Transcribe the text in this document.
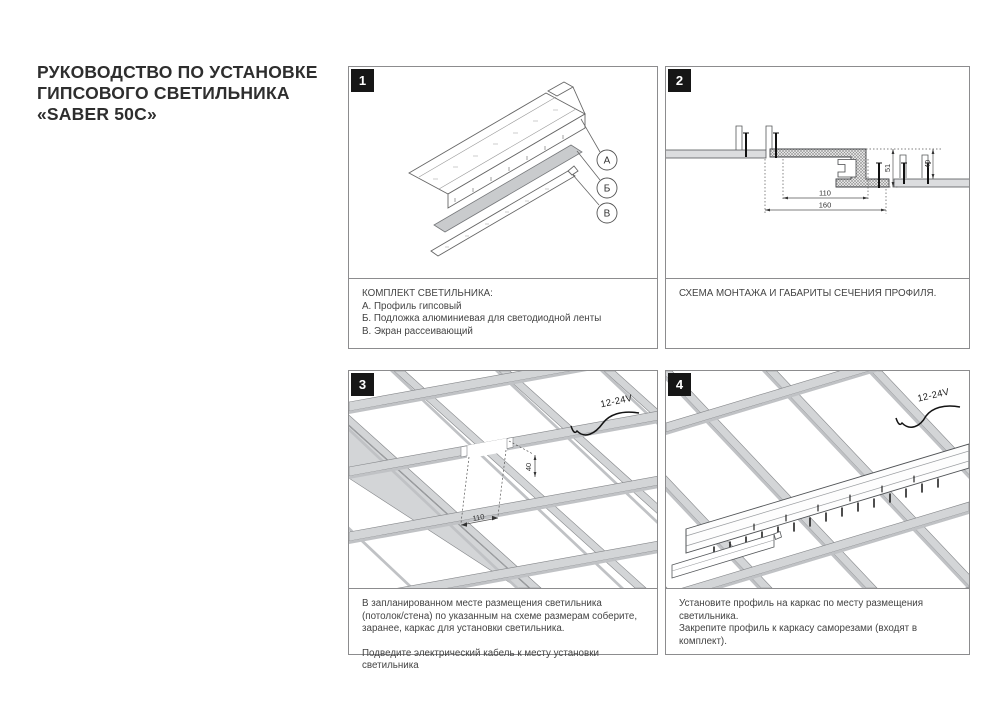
РУКОВОДСТВО ПО УСТАНОВКЕ
ГИПСОВОГО СВЕТИЛЬНИКА
«SABER 50C»
1
А
Б
В
КОМПЛЕКТ СВЕТИЛЬНИКА:
А. Профиль гипсовый
Б. Подложка алюминиевая для светодиодной ленты
В. Экран рассеивающий
2
110
160
51	40
СХЕМА МОНТАЖА И ГАБАРИТЫ СЕЧЕНИЯ ПРОФИЛЯ.
3
110
40
12-24V
В запланированном месте размещения светильника (потолок/стена) по указанным на схеме размерам соберите, заранее, каркас для установки светильника.
Подведите электрический кабель к месту установки светильника
4
12-24V
Установите профиль на каркас по месту размещения светильника.
Закрепите профиль к каркасу саморезами (входят в комплект).
